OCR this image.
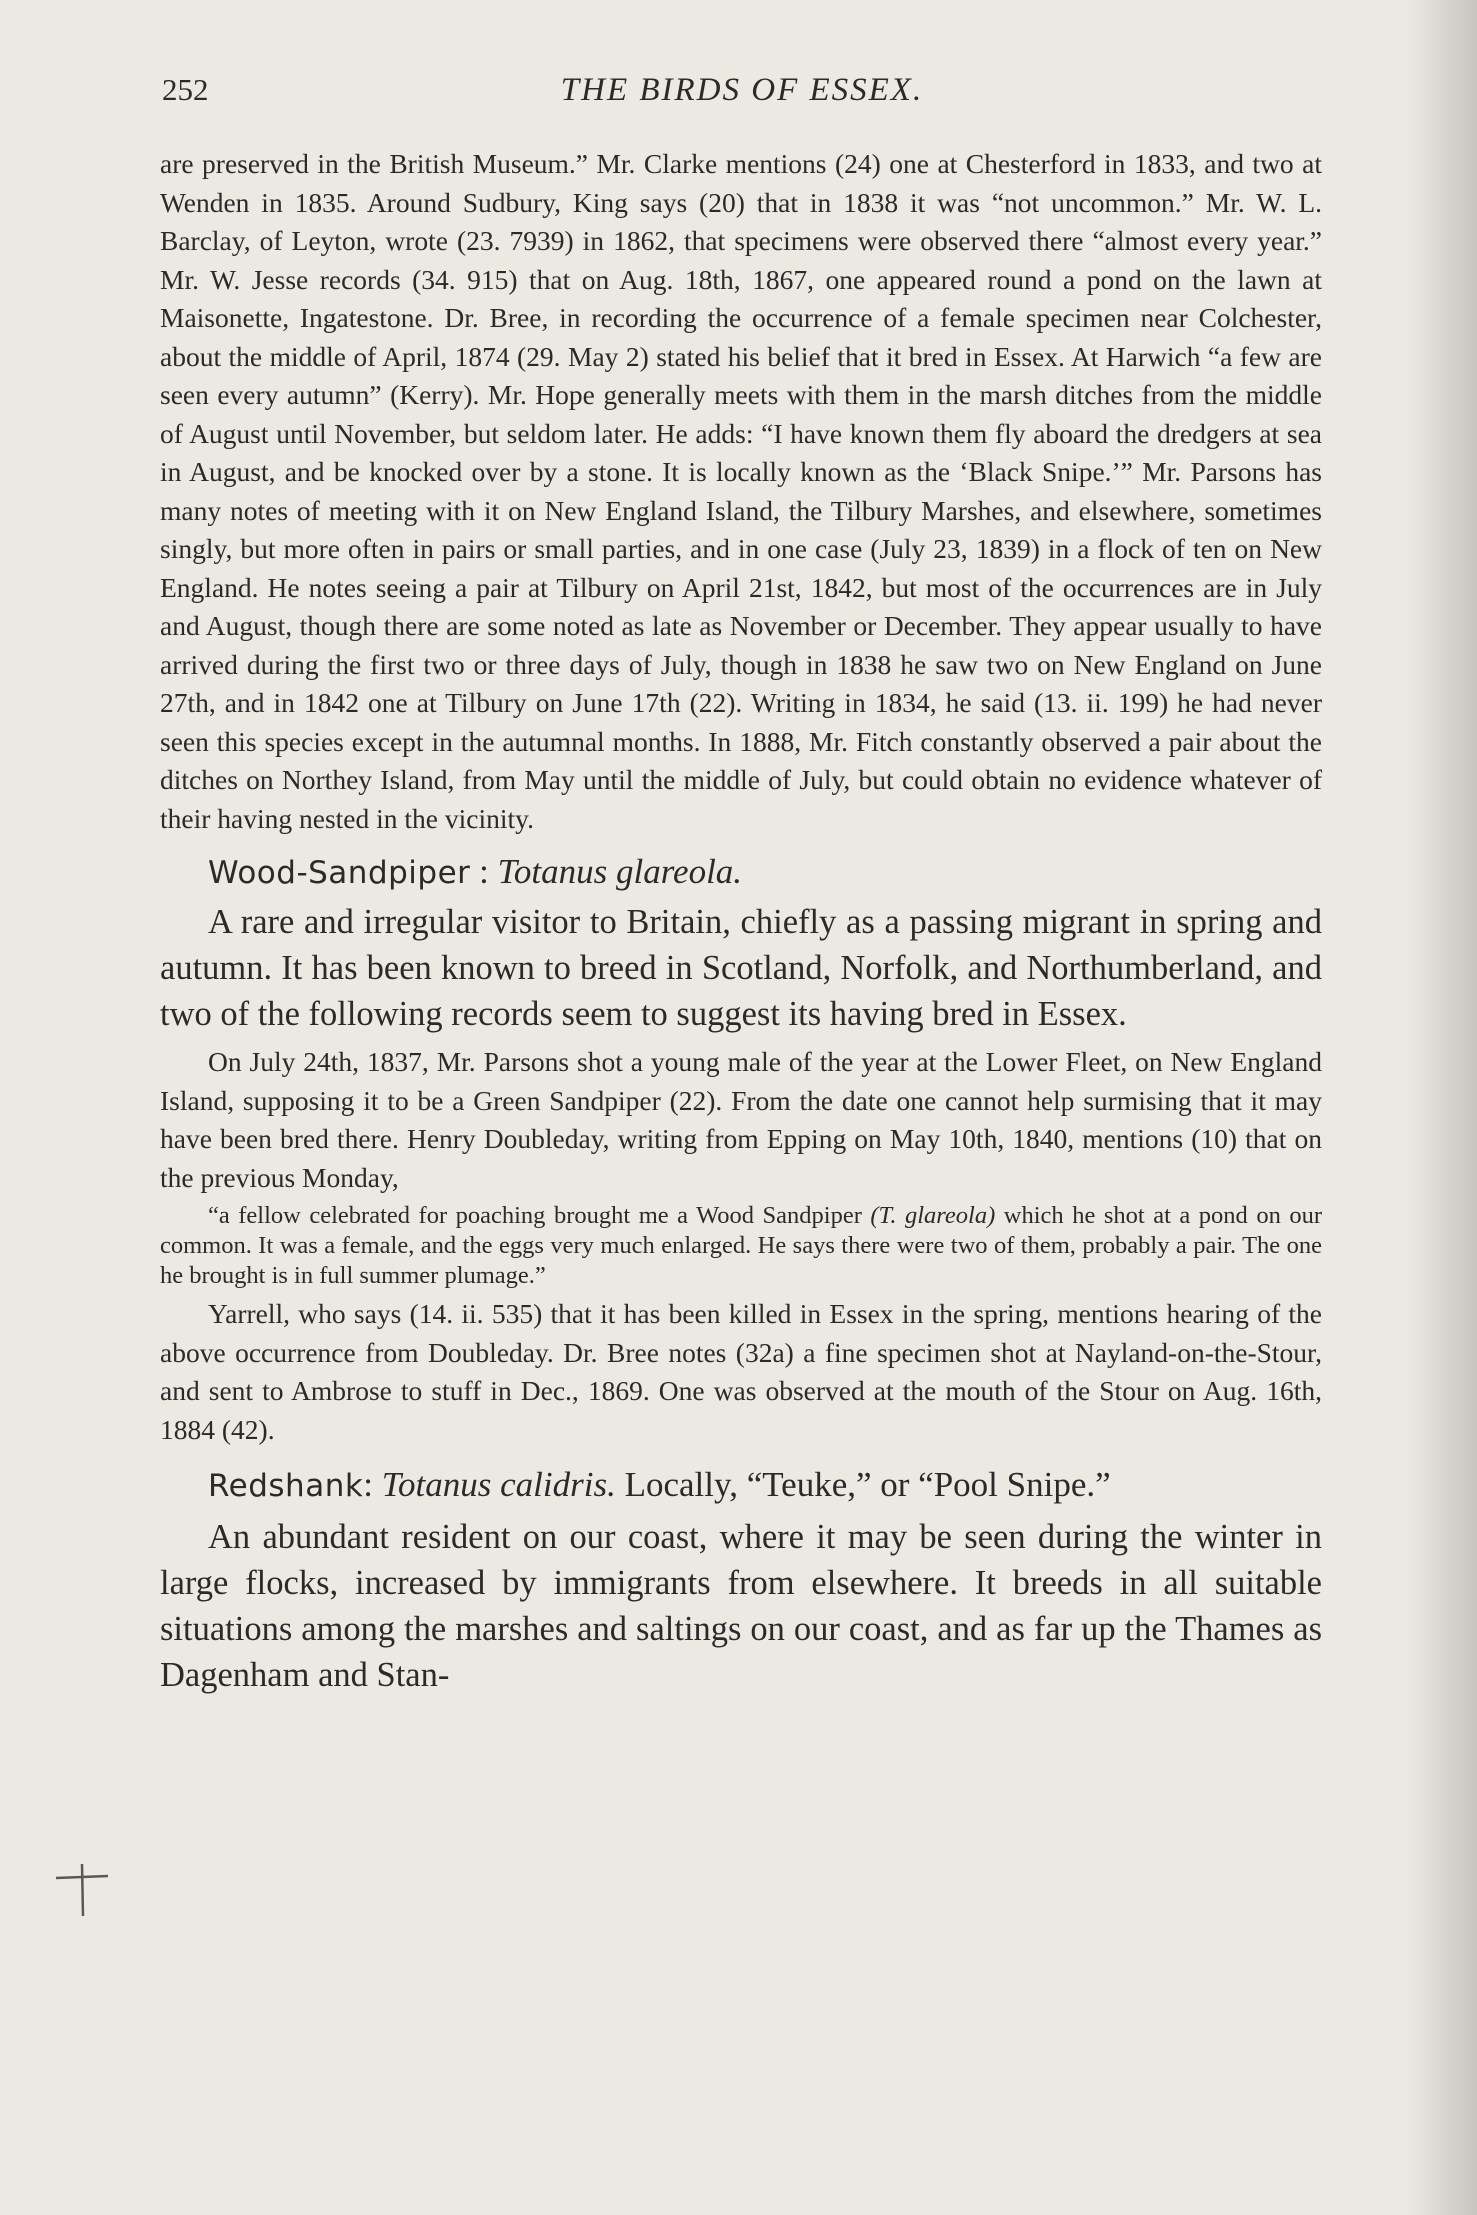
252	THE BIRDS OF ESSEX.

are preserved in the British Museum.” Mr. Clarke mentions (24) one at Chesterford in 1833, and two at Wenden in 1835. Around Sudbury, King says (20) that in 1838 it was “not uncommon.” Mr. W. L. Barclay, of Leyton, wrote (23. 7939) in 1862, that specimens were observed there “almost every year.” Mr. W. Jesse records (34. 915) that on Aug. 18th, 1867, one appeared round a pond on the lawn at Maisonette, Ingatestone. Dr. Bree, in recording the occurrence of a female specimen near Colchester, about the middle of April, 1874 (29. May 2) stated his belief that it bred in Essex. At Harwich “a few are seen every autumn” (Kerry). Mr. Hope generally meets with them in the marsh ditches from the middle of August until November, but seldom later. He adds: “I have known them fly aboard the dredgers at sea in August, and be knocked over by a stone. It is locally known as the ‘Black Snipe.’” Mr. Parsons has many notes of meeting with it on New England Island, the Tilbury Marshes, and elsewhere, sometimes singly, but more often in pairs or small parties, and in one case (July 23, 1839) in a flock of ten on New England. He notes seeing a pair at Tilbury on April 21st, 1842, but most of the occurrences are in July and August, though there are some noted as late as November or December. They appear usually to have arrived during the first two or three days of July, though in 1838 he saw two on New England on June 27th, and in 1842 one at Tilbury on June 17th (22). Writing in 1834, he said (13. ii. 199) he had never seen this species except in the autumnal months. In 1888, Mr. Fitch constantly observed a pair about the ditches on Northey Island, from May until the middle of July, but could obtain no evidence whatever of their having nested in the vicinity.

Wood-Sandpiper : Totanus glareola.

A rare and irregular visitor to Britain, chiefly as a passing migrant in spring and autumn. It has been known to breed in Scotland, Norfolk, and Northumberland, and two of the following records seem to suggest its having bred in Essex.

On July 24th, 1837, Mr. Parsons shot a young male of the year at the Lower Fleet, on New England Island, supposing it to be a Green Sandpiper (22). From the date one cannot help surmising that it may have been bred there. Henry Doubleday, writing from Epping on May 10th, 1840, mentions (10) that on the previous Monday,

“a fellow celebrated for poaching brought me a Wood Sandpiper (T. glareola) which he shot at a pond on our common. It was a female, and the eggs very much enlarged. He says there were two of them, probably a pair. The one he brought is in full summer plumage.”

Yarrell, who says (14. ii. 535) that it has been killed in Essex in the spring, mentions hearing of the above occurrence from Doubleday. Dr. Bree notes (32a) a fine specimen shot at Nayland-on-the-Stour, and sent to Ambrose to stuff in Dec., 1869. One was observed at the mouth of the Stour on Aug. 16th, 1884 (42).

Redshank: Totanus calidris. Locally, “Teuke,” or “Pool Snipe.”

An abundant resident on our coast, where it may be seen during the winter in large flocks, increased by immigrants from elsewhere. It breeds in all suitable situations among the marshes and saltings on our coast, and as far up the Thames as Dagenham and Stan-
